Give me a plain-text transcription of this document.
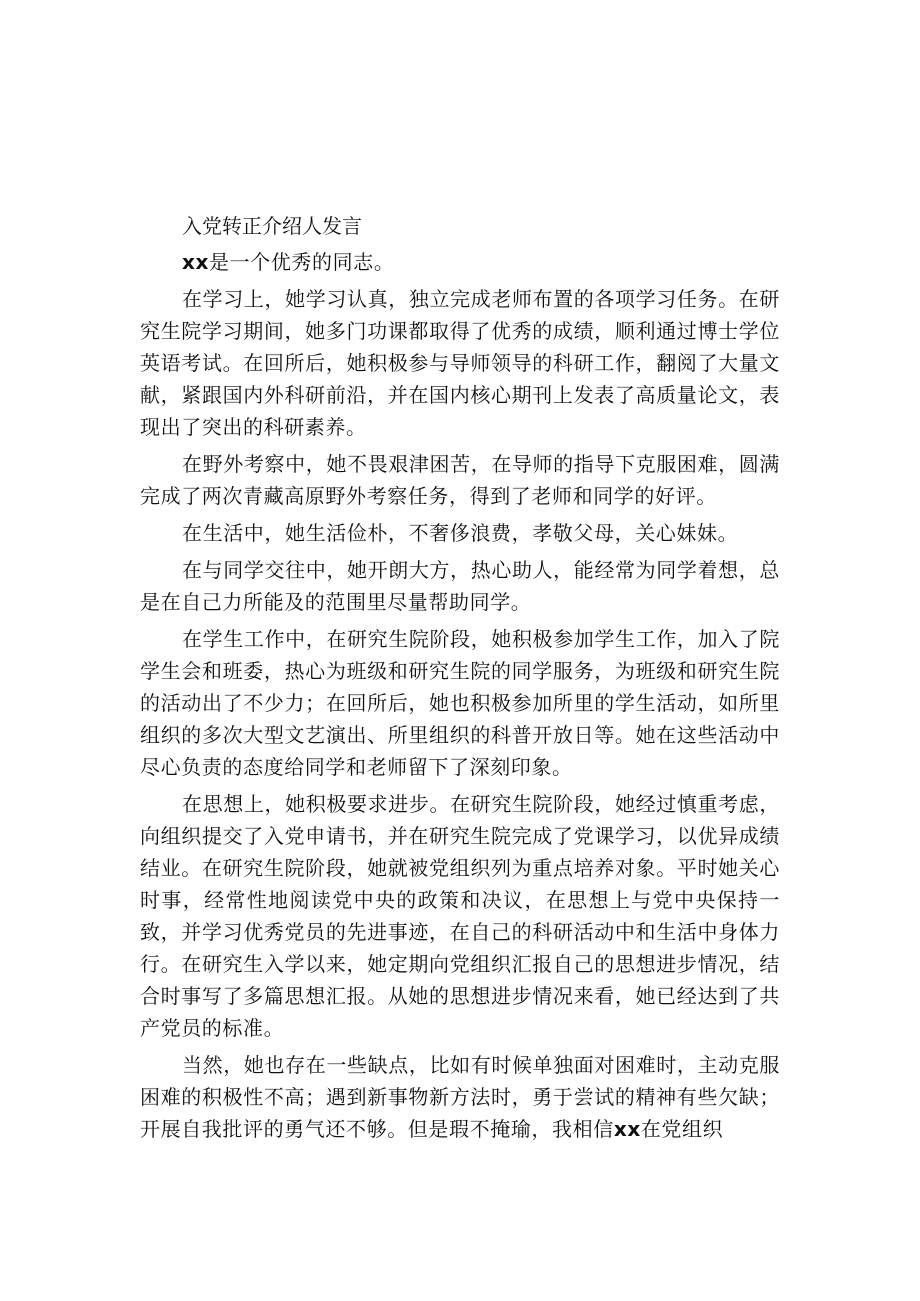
入党转正介绍人发言

xx是一个优秀的同志。

在学习上，她学习认真，独立完成老师布置的各项学习任务。在研究生院学习期间，她多门功课都取得了优秀的成绩，顺利通过博士学位英语考试。在回所后，她积极参与导师领导的科研工作，翻阅了大量文献，紧跟国内外科研前沿，并在国内核心期刊上发表了高质量论文，表现出了突出的科研素养。

在野外考察中，她不畏艰津困苦，在导师的指导下克服困难，圆满完成了两次青藏高原野外考察任务，得到了老师和同学的好评。

在生活中，她生活俭朴，不奢侈浪费，孝敬父母，关心妹妹。

在与同学交往中，她开朗大方，热心助人，能经常为同学着想，总是在自己力所能及的范围里尽量帮助同学。

在学生工作中，在研究生院阶段，她积极参加学生工作，加入了院学生会和班委，热心为班级和研究生院的同学服务，为班级和研究生院的活动出了不少力；在回所后，她也积极参加所里的学生活动，如所里组织的多次大型文艺演出、所里组织的科普开放日等。她在这些活动中尽心负责的态度给同学和老师留下了深刻印象。

在思想上，她积极要求进步。在研究生院阶段，她经过慎重考虑，向组织提交了入党申请书，并在研究生院完成了党课学习，以优异成绩结业。在研究生院阶段，她就被党组织列为重点培养对象。平时她关心时事，经常性地阅读党中央的政策和决议，在思想上与党中央保持一致，并学习优秀党员的先进事迹，在自己的科研活动中和生活中身体力行。在研究生入学以来，她定期向党组织汇报自己的思想进步情况，结合时事写了多篇思想汇报。从她的思想进步情况来看，她已经达到了共产党员的标准。

当然，她也存在一些缺点，比如有时候单独面对困难时，主动克服困难的积极性不高；遇到新事物新方法时，勇于尝试的精神有些欠缺；开展自我批评的勇气还不够。但是瑕不掩瑜，我相信xx在党组织
